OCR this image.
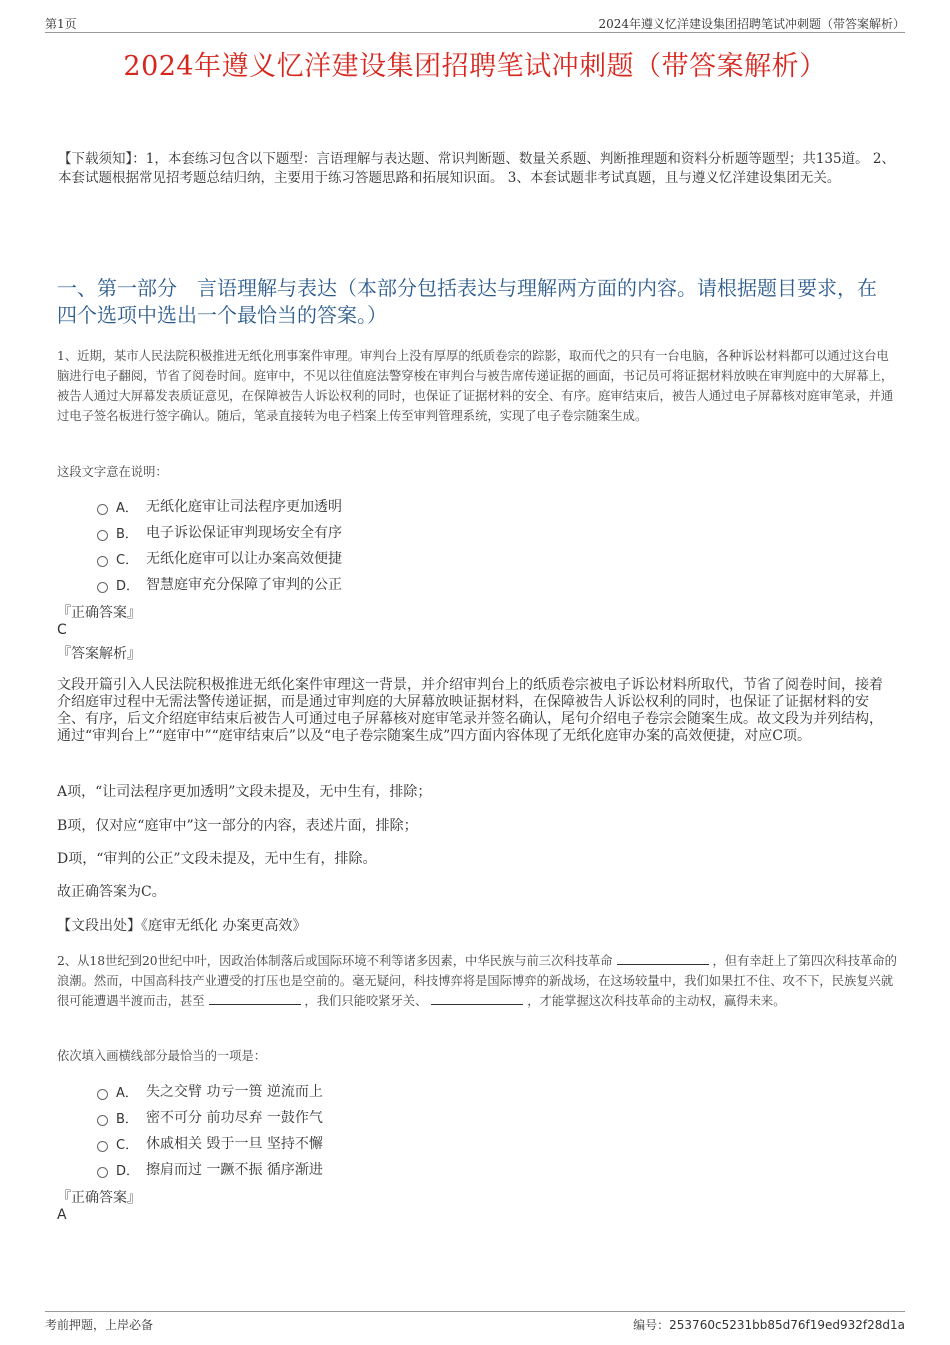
第1页	2024年遵义忆洋建设集团招聘笔试冲刺题（带答案解析）
2024年遵义忆洋建设集团招聘笔试冲刺题（带答案解析）
【下载须知】：1，本套练习包含以下题型：言语理解与表达题、常识判断题、数量关系题、判断推理题和资料分析题等题型；共135道。 2、本套试题根据常见招考题总结归纳，主要用于练习答题思路和拓展知识面。 3、本套试题非考试真题，且与遵义忆洋建设集团无关。
一、第一部分　言语理解与表达（本部分包括表达与理解两方面的内容。请根据题目要求，在四个选项中选出一个最恰当的答案。）
1、近期，某市人民法院积极推进无纸化刑事案件审理。审判台上没有厚厚的纸质卷宗的踪影，取而代之的只有一台电脑，各种诉讼材料都可以通过这台电脑进行电子翻阅，节省了阅卷时间。庭审中，不见以往值庭法警穿梭在审判台与被告席传递证据的画面，书记员可将证据材料放映在审判庭中的大屏幕上，被告人通过大屏幕发表质证意见，在保障被告人诉讼权利的同时，也保证了证据材料的安全、有序。庭审结束后，被告人通过电子屏幕核对庭审笔录，并通过电子签名板进行签字确认。随后，笔录直接转为电子档案上传至审判管理系统，实现了电子卷宗随案生成。
这段文字意在说明：
A． 无纸化庭审让司法程序更加透明
B． 电子诉讼保证审判现场安全有序
C． 无纸化庭审可以让办案高效便捷
D． 智慧庭审充分保障了审判的公正
『正确答案』
C
『答案解析』
文段开篇引入人民法院积极推进无纸化案件审理这一背景，并介绍审判台上的纸质卷宗被电子诉讼材料所取代，节省了阅卷时间，接着介绍庭审过程中无需法警传递证据，而是通过审判庭的大屏幕放映证据材料，在保障被告人诉讼权利的同时，也保证了证据材料的安全、有序，后文介绍庭审结束后被告人可通过电子屏幕核对庭审笔录并签名确认，尾句介绍电子卷宗会随案生成。故文段为并列结构，通过“审判台上”“庭审中”“庭审结束后”以及“电子卷宗随案生成”四方面内容体现了无纸化庭审办案的高效便捷，对应C项。
A项，“让司法程序更加透明”文段未提及，无中生有，排除；
B项，仅对应“庭审中”这一部分的内容，表述片面，排除；
D项，“审判的公正”文段未提及，无中生有，排除。
故正确答案为C。
【文段出处】《庭审无纸化 办案更高效》
2、从18世纪到20世纪中叶，因政治体制落后或国际环境不利等诸多因素，中华民族与前三次科技革命	，但有幸赶上了第四次科技革命的浪潮。然而，中国高科技产业遭受的打压也是空前的。毫无疑问，科技博弈将是国际博弈的新战场，在这场较量中，我们如果扛不住、攻不下，民族复兴就很可能遭遇半渡而击，甚至	，我们只能咬紧牙关、	，才能掌握这次科技革命的主动权，赢得未来。
依次填入画横线部分最恰当的一项是：
A． 失之交臂 功亏一篑 逆流而上
B． 密不可分 前功尽弃 一鼓作气
C． 休戚相关 毁于一旦 坚持不懈
D． 擦肩而过 一蹶不振 循序渐进
『正确答案』
A
考前押题，上岸必备	编号：253760c5231bb85d76f19ed932f28d1a
